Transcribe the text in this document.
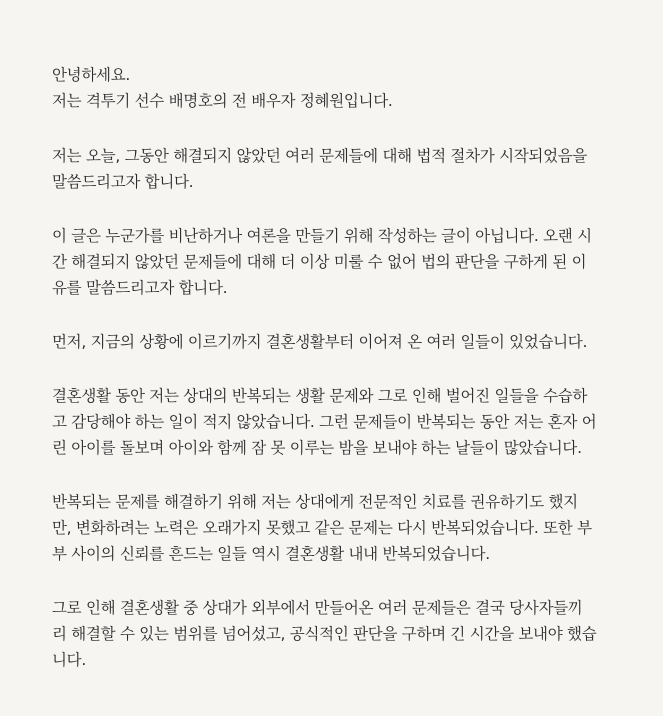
안녕하세요.
저는 격투기 선수 배명호의 전 배우자 정혜원입니다.
저는 오늘, 그동안 해결되지 않았던 여러 문제들에 대해 법적 절차가 시작되었음을
말씀드리고자 합니다.
이 글은 누군가를 비난하거나 여론을 만들기 위해 작성하는 글이 아닙니다. 오랜 시
간 해결되지 않았던 문제들에 대해 더 이상 미룰 수 없어 법의 판단을 구하게 된 이
유를 말씀드리고자 합니다.
먼저, 지금의 상황에 이르기까지 결혼생활부터 이어져 온 여러 일들이 있었습니다.
결혼생활 동안 저는 상대의 반복되는 생활 문제와 그로 인해 벌어진 일들을 수습하
고 감당해야 하는 일이 적지 않았습니다. 그런 문제들이 반복되는 동안 저는 혼자 어
린 아이를 돌보며 아이와 함께 잠 못 이루는 밤을 보내야 하는 날들이 많았습니다.
반복되는 문제를 해결하기 위해 저는 상대에게 전문적인 치료를 권유하기도 했지
만, 변화하려는 노력은 오래가지 못했고 같은 문제는 다시 반복되었습니다. 또한 부
부 사이의 신뢰를 흔드는 일들 역시 결혼생활 내내 반복되었습니다.
그로 인해 결혼생활 중 상대가 외부에서 만들어온 여러 문제들은 결국 당사자들끼
리 해결할 수 있는 범위를 넘어섰고, 공식적인 판단을 구하며 긴 시간을 보내야 했습
니다.
